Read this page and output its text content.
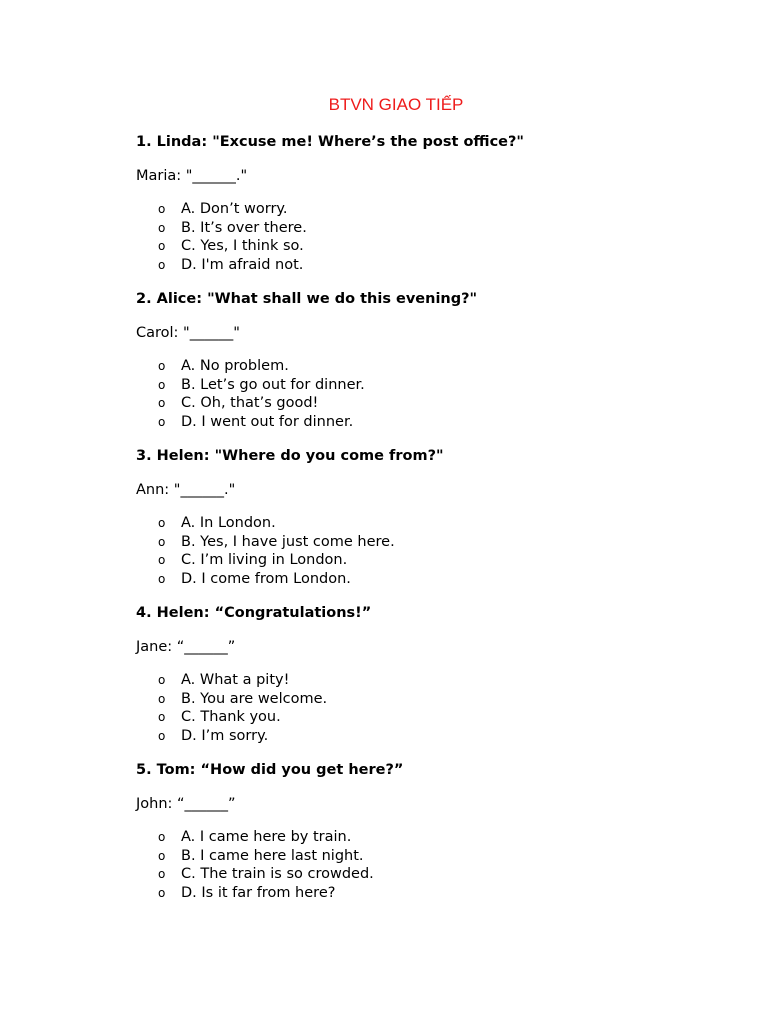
BTVN GIAO TIẾP
1. Linda: "Excuse me! Where’s the post office?"
Maria: "______."
o A. Don’t worry.
o B. It’s over there.
o C. Yes, I think so.
o D. I'm afraid not.
2. Alice: "What shall we do this evening?"
Carol: "______"
o A. No problem.
o B. Let’s go out for dinner.
o C. Oh, that’s good!
o D. I went out for dinner.
3. Helen: "Where do you come from?"
Ann: "______."
o A. In London.
o B. Yes, I have just come here.
o C. I’m living in London.
o D. I come from London.
4. Helen: “Congratulations!”
Jane: “______”
o A. What a pity!
o B. You are welcome.
o C. Thank you.
o D. I’m sorry.
5. Tom: “How did you get here?”
John: “______”
o A. I came here by train.
o B. I came here last night.
o C. The train is so crowded.
o D. Is it far from here?
